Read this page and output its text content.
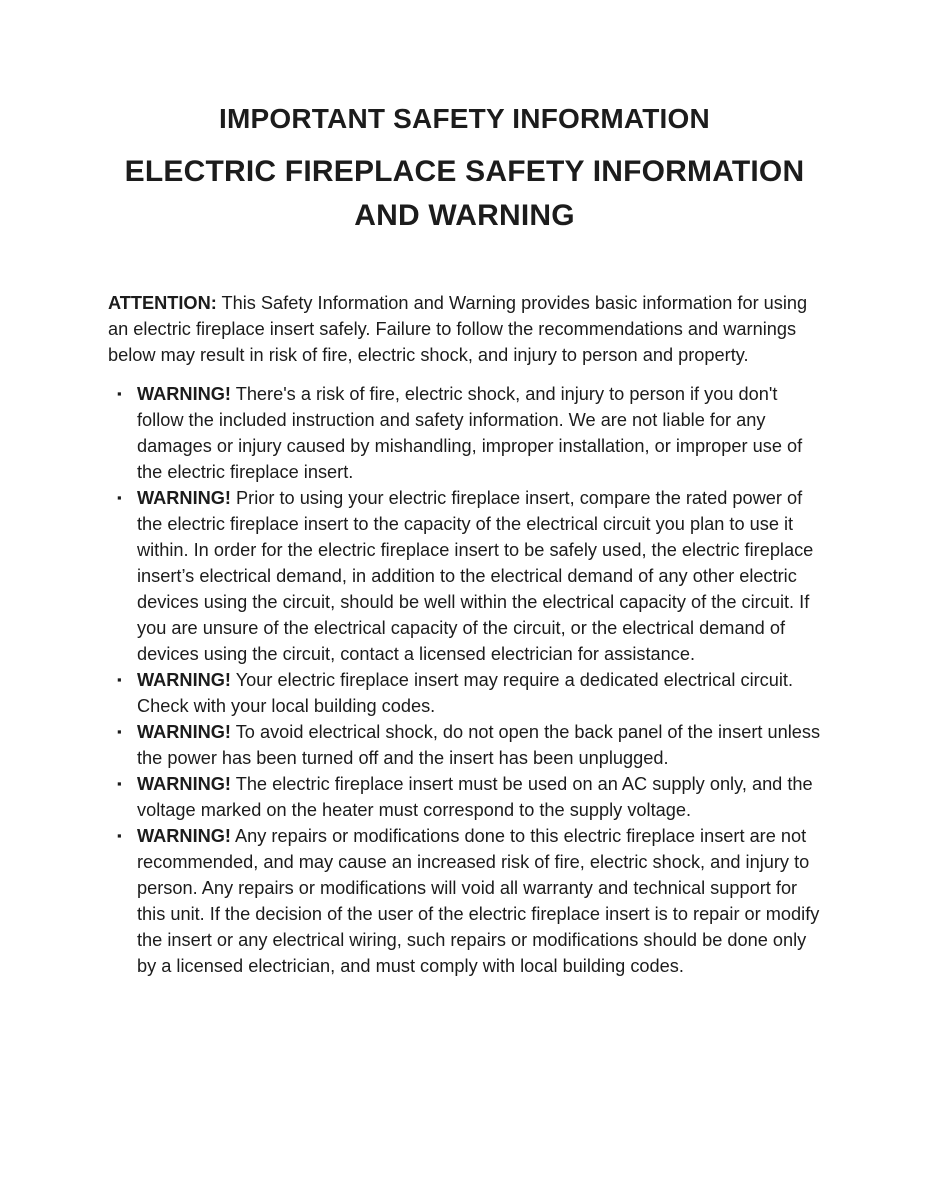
IMPORTANT SAFETY INFORMATION
ELECTRIC FIREPLACE SAFETY INFORMATION AND WARNING

ATTENTION: This Safety Information and Warning provides basic information for using an electric fireplace insert safely. Failure to follow the recommendations and warnings below may result in risk of fire, electric shock, and injury to person and property.

▪ WARNING! There's a risk of fire, electric shock, and injury to person if you don't follow the included instruction and safety information. We are not liable for any damages or injury caused by mishandling, improper installation, or improper use of the electric fireplace insert.
▪ WARNING! Prior to using your electric fireplace insert, compare the rated power of the electric fireplace insert to the capacity of the electrical circuit you plan to use it within. In order for the electric fireplace insert to be safely used, the electric fireplace insert’s electrical demand, in addition to the electrical demand of any other electric devices using the circuit, should be well within the electrical capacity of the circuit. If you are unsure of the electrical capacity of the circuit, or the electrical demand of devices using the circuit, contact a licensed electrician for assistance.
▪ WARNING! Your electric fireplace insert may require a dedicated electrical circuit. Check with your local building codes.
▪ WARNING! To avoid electrical shock, do not open the back panel of the insert unless the power has been turned off and the insert has been unplugged.
▪ WARNING! The electric fireplace insert must be used on an AC supply only, and the voltage marked on the heater must correspond to the supply voltage.
▪ WARNING! Any repairs or modifications done to this electric fireplace insert are not recommended, and may cause an increased risk of fire, electric shock, and injury to person. Any repairs or modifications will void all warranty and technical support for this unit. If the decision of the user of the electric fireplace insert is to repair or modify the insert or any electrical wiring, such repairs or modifications should be done only by a licensed electrician, and must comply with local building codes.
